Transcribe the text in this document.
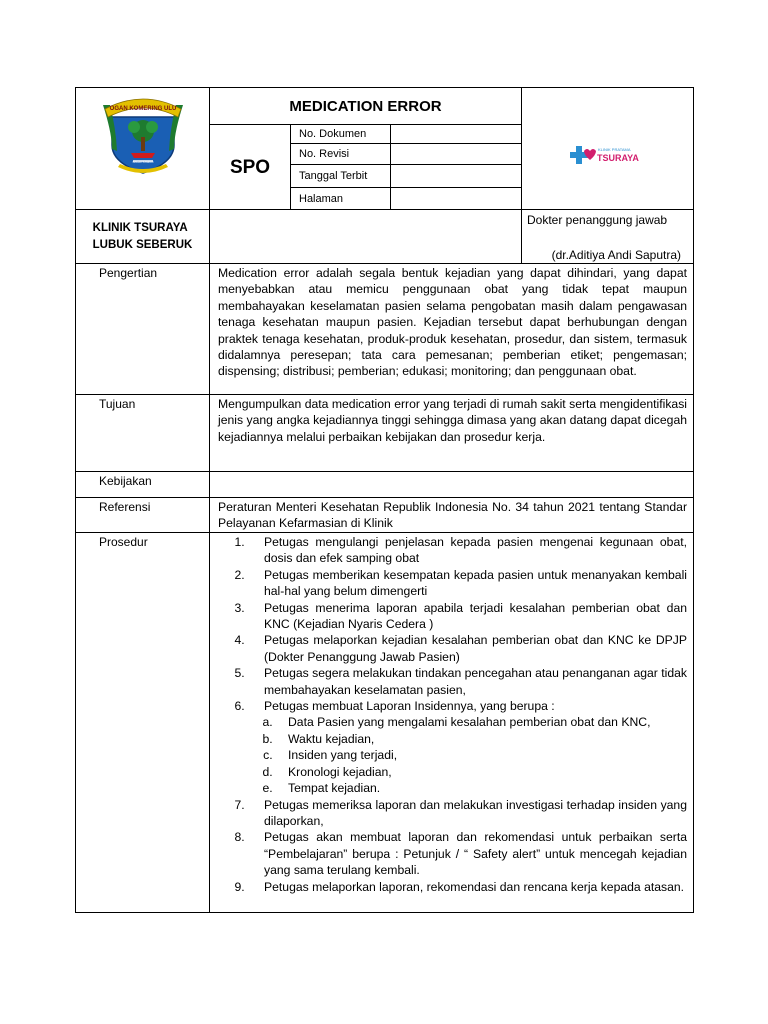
OGAN KOMERING ULU
BAGAI KAWAN
MEDICATION ERROR
SPO
No. Dokumen
No. Revisi
Tanggal Terbit
Halaman
KLINIK PRATAMA
TSURAYA
KLINIK TSURAYA
LUBUK SEBERUK
Dokter penanggung jawab
(dr.Aditiya Andi Saputra)
Pengertian	Medication error adalah segala bentuk kejadian yang dapat dihindari, yang dapat menyebabkan atau memicu penggunaan obat yang tidak tepat maupun membahayakan keselamatan pasien selama pengobatan masih dalam pengawasan tenaga kesehatan maupun pasien. Kejadian tersebut dapat berhubungan dengan praktek tenaga kesehatan, produk-produk kesehatan, prosedur, dan sistem, termasuk didalamnya peresepan; tata cara pemesanan; pemberian etiket; pengemasan; dispensing; distribusi; pemberian; edukasi; monitoring; dan penggunaan obat.
Tujuan	Mengumpulkan data medication error yang terjadi di rumah sakit serta mengidentifikasi jenis yang angka kejadiannya tinggi sehingga dimasa yang akan datang dapat dicegah kejadiannya melalui perbaikan kebijakan dan prosedur kerja.
Kebijakan
Referensi	Peraturan Menteri Kesehatan Republik Indonesia No. 34 tahun 2021 tentang Standar Pelayanan Kefarmasian di Klinik
Prosedur
1.	Petugas mengulangi penjelasan kepada pasien mengenai kegunaan obat, dosis dan efek samping obat
2. Petugas memberikan kesempatan kepada pasien untuk menanyakan kembali hal-hal yang belum dimengerti
3. Petugas menerima laporan apabila terjadi kesalahan pemberian obat dan KNC (Kejadian Nyaris Cedera )
4. Petugas melaporkan kejadian kesalahan pemberian obat dan KNC ke DPJP (Dokter Penanggung Jawab Pasien)
5. Petugas segera melakukan tindakan pencegahan atau penanganan agar tidak membahayakan keselamatan pasien,
6. Petugas membuat Laporan Insidennya, yang berupa :
a. Data Pasien yang mengalami kesalahan pemberian obat dan KNC,
b. Waktu kejadian,
c. Insiden yang terjadi,
d. Kronologi kejadian,
e. Tempat kejadian.
7. Petugas memeriksa laporan dan melakukan investigasi terhadap insiden yang dilaporkan,
8. Petugas akan membuat laporan dan rekomendasi untuk perbaikan serta “Pembelajaran” berupa : Petunjuk / “ Safety alert” untuk mencegah kejadian yang sama terulang kembali.
9. Petugas melaporkan laporan, rekomendasi dan rencana kerja kepada atasan.
